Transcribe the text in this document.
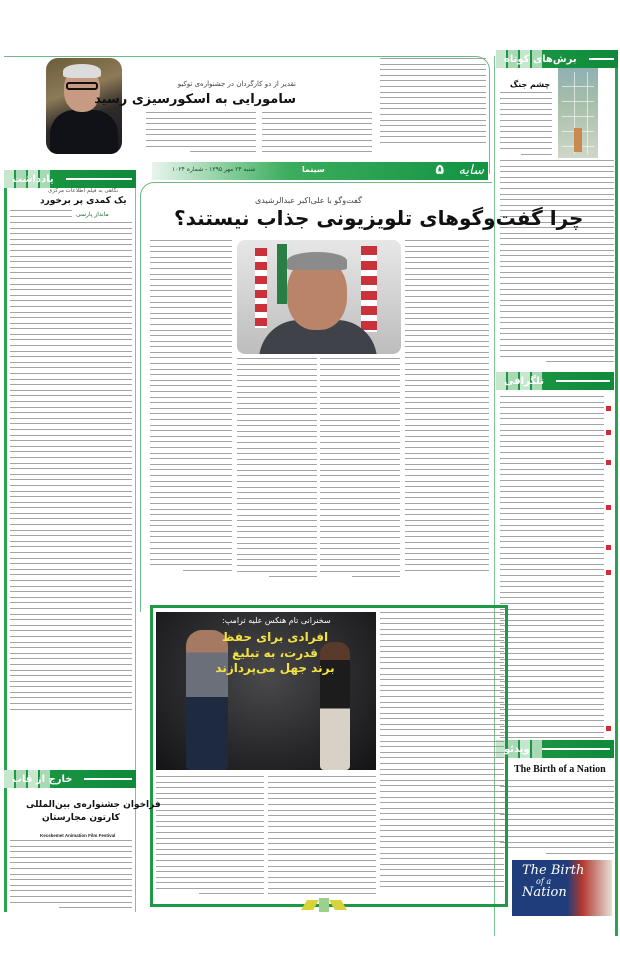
برش‌های کوتاه
چشم جنگ
تلگرافی
ویدئو
The Birth of a Nation
The Birth
of a
Nation
تقدیر از دو کارگردان در جشنواره‌ی توکیو
سامورایی به اسکورسیزی رسید
شنبه ۲۴ مهر ۱۳۹۵ - شماره ۱۰۲۴	سینما	۵ سایه
گفت‌وگو با علی‌اکبر عبدالرشیدی
چرا گفت‌وگوهای تلویزیونی جذاب نیستند؟
سخنرانی تام هنکس علیه ترامپ:
افرادی برای حفظ
قدرت، به تبلیغ
برند جهل می‌پردازند
یادداشت
نگاهی به فیلم اطلاعات مرکزی
یک کمدی پر برخورد
مانداز پارسی
خارج از قاب
فراخوان جشنواره‌ی بین‌المللی
کارتون مجارستان
Kecskemet Animation Film Festival
